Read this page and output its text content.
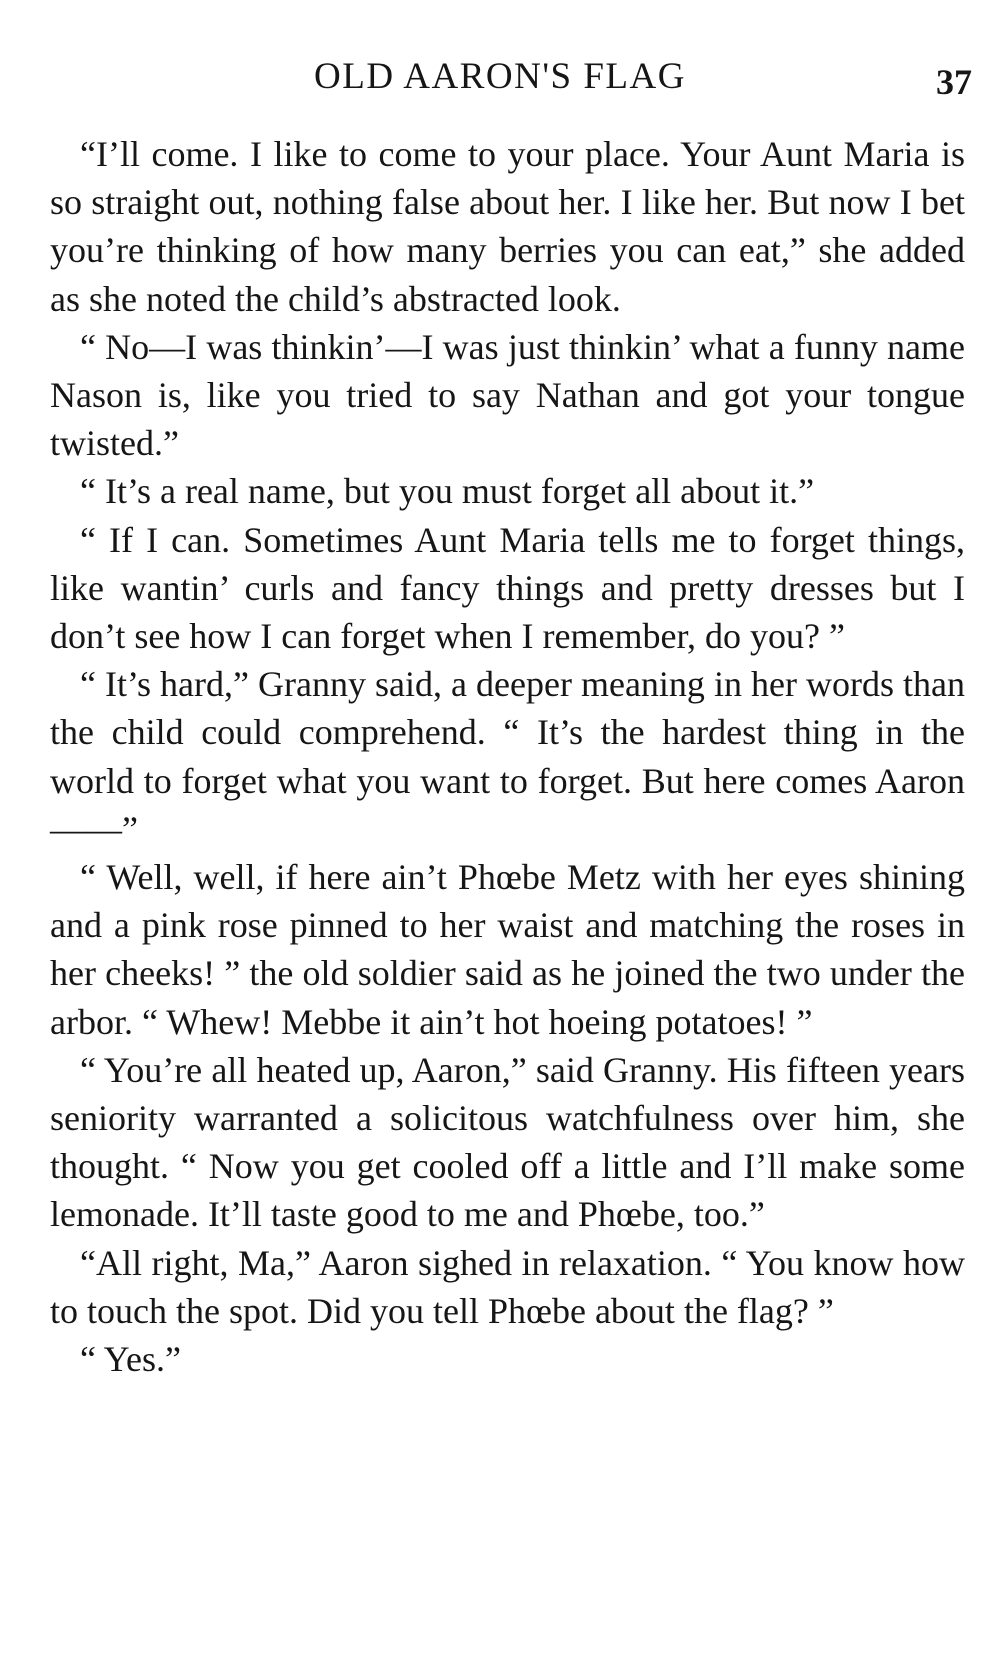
OLD AARON'S FLAG	37

“I’ll come. I like to come to your place. Your Aunt Maria is so straight out, nothing false about her. I like her. But now I bet you’re thinking of how many berries you can eat,” she added as she noted the child’s abstracted look.

“ No—I was thinkin’—I was just thinkin’ what a funny name Nason is, like you tried to say Nathan and got your tongue twisted.”

“ It’s a real name, but you must forget all about it.”

“ If I can. Sometimes Aunt Maria tells me to forget things, like wantin’ curls and fancy things and pretty dresses but I don’t see how I can forget when I remember, do you? ”

“ It’s hard,” Granny said, a deeper meaning in her words than the child could comprehend. “ It’s the hardest thing in the world to forget what you want to forget. But here comes Aaron ——”

“ Well, well, if here ain’t Phœbe Metz with her eyes shining and a pink rose pinned to her waist and matching the roses in her cheeks! ” the old soldier said as he joined the two under the arbor. “ Whew! Mebbe it ain’t hot hoeing potatoes! ”

“ You’re all heated up, Aaron,” said Granny. His fifteen years seniority warranted a solicitous watchfulness over him, she thought. “ Now you get cooled off a little and I’ll make some lemonade. It’ll taste good to me and Phœbe, too.”

“All right, Ma,” Aaron sighed in relaxation. “ You know how to touch the spot. Did you tell Phœbe about the flag? ”

“ Yes.”
